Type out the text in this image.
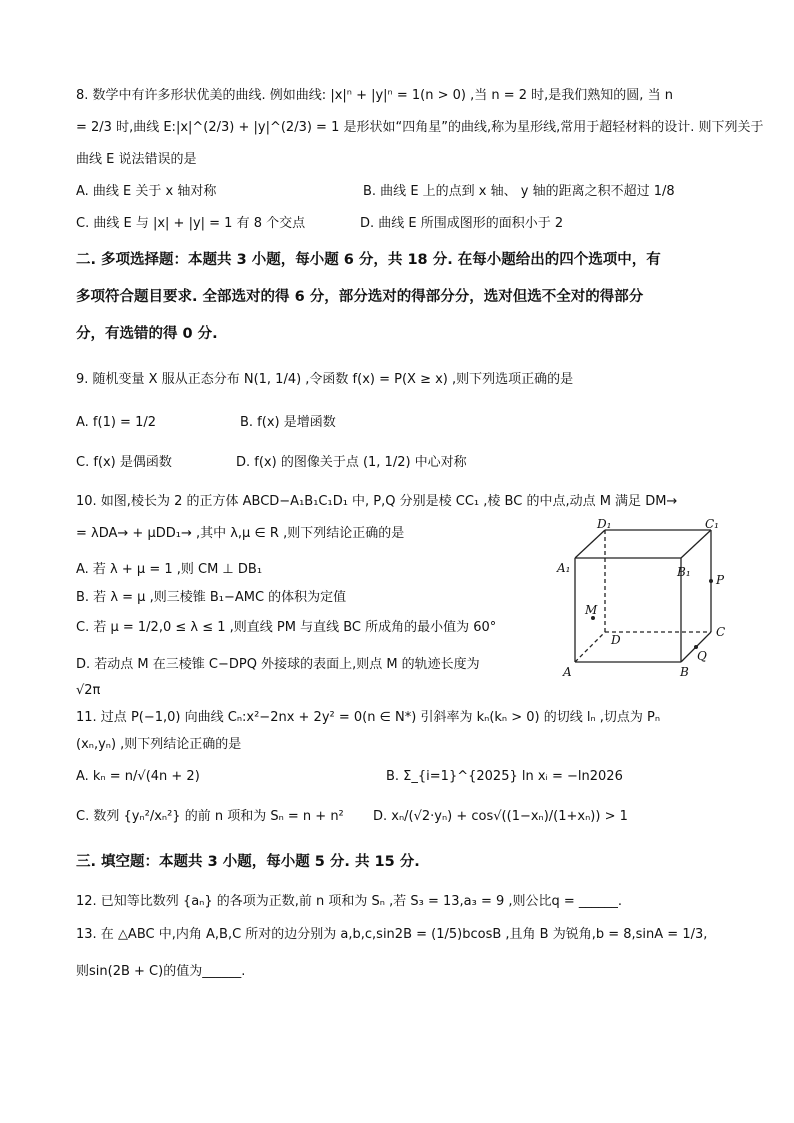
8. 数学中有许多形状优美的曲线. 例如曲线: |x|ⁿ + |y|ⁿ = 1(n > 0) ,当 n = 2 时,是我们熟知的圆, 当 n
= 2/3 时,曲线 E:|x|^(2/3) + |y|^(2/3) = 1 是形状如“四角星”的曲线,称为星形线,常用于超轻材料的设计. 则下列关于
曲线 E 说法错误的是
A. 曲线 E 关于 x 轴对称	B. 曲线 E 上的点到 x 轴、 y 轴的距离之积不超过 1/8
C. 曲线 E 与 |x| + |y| = 1 有 8 个交点	D. 曲线 E 所围成图形的面积小于 2
二. 多项选择题：本题共 3 小题，每小题 6 分，共 18 分. 在每小题给出的四个选项中，有
多项符合题目要求. 全部选对的得 6 分，部分选对的得部分分，选对但选不全对的得部分
分，有选错的得 0 分.
9. 随机变量 X 服从正态分布 N(1, 1/4) ,令函数 f(x) = P(X ≥ x) ,则下列选项正确的是
A. f(1) = 1/2	B. f(x) 是增函数
C. f(x) 是偶函数	D. f(x) 的图像关于点 (1, 1/2) 中心对称
10. 如图,棱长为 2 的正方体 ABCD−A₁B₁C₁D₁ 中, P,Q 分别是棱 CC₁ ,棱 BC 的中点,动点 M 满足 DM→
= λDA→ + μDD₁→ ,其中 λ,μ ∈ R ,则下列结论正确的是
A. 若 λ + μ = 1 ,则 CM ⊥ DB₁
B. 若 λ = μ ,则三棱锥 B₁−AMC 的体积为定值
C. 若 μ = 1/2,0 ≤ λ ≤ 1 ,则直线 PM 与直线 BC 所成角的最小值为 60°
D. 若动点 M 在三棱锥 C−DPQ 外接球的表面上,则点 M 的轨迹长度为
√2π
D₁	C₁
A₁	B₁
P
M
D
C
A	B
Q
11. 过点 P(−1,0) 向曲线 Cₙ:x²−2nx + 2y² = 0(n ∈ N*) 引斜率为 kₙ(kₙ > 0) 的切线 lₙ ,切点为 Pₙ
(xₙ,yₙ) ,则下列结论正确的是
A. kₙ = n/√(4n + 2)	B. Σ_{i=1}^{2025} ln xᵢ = −ln2026
C. 数列 {yₙ²/xₙ²} 的前 n 项和为 Sₙ = n + n² D. xₙ/(√2·yₙ) + cos√((1−xₙ)/(1+xₙ)) > 1
三. 填空题：本题共 3 小题，每小题 5 分. 共 15 分.
12. 已知等比数列 {aₙ} 的各项为正数,前 n 项和为 Sₙ ,若 S₃ = 13,a₃ = 9 ,则公比q = ______.
13. 在 △ABC 中,内角 A,B,C 所对的边分别为 a,b,c,sin2B = (1/5)bcosB ,且角 B 为锐角,b = 8,sinA = 1/3,
则sin(2B + C)的值为______.
